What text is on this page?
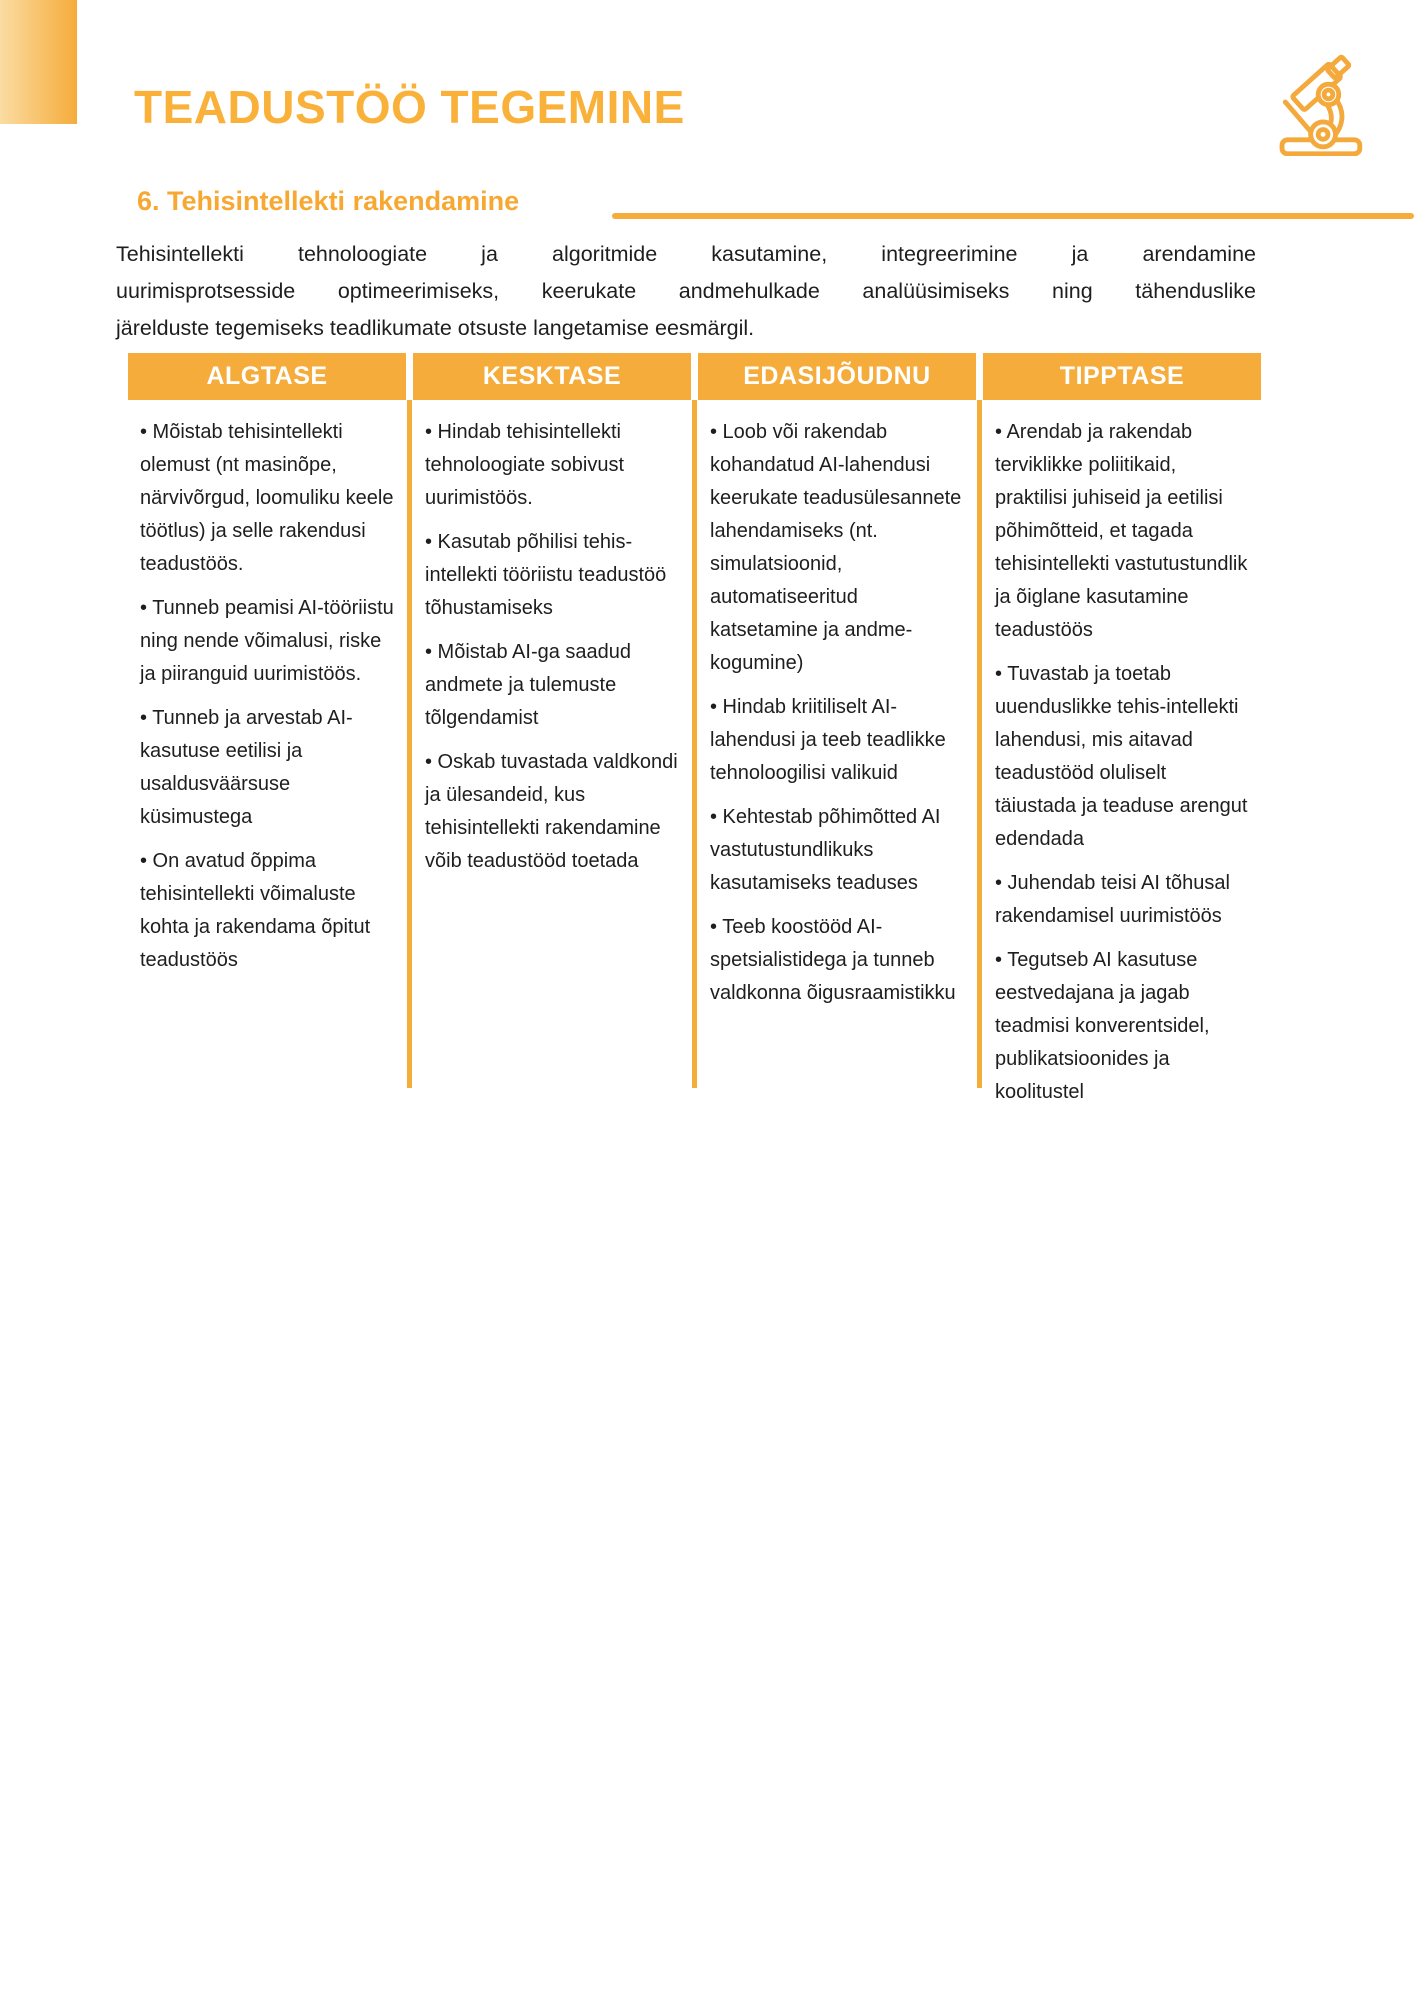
TEADUSTÖÖ TEGEMINE
6. Tehisintellekti rakendamine
Tehisintellekti tehnoloogiate ja algoritmide kasutamine, integreerimine ja arendamine
uurimisprotsesside optimeerimiseks, keerukate andmehulkade analüüsimiseks ning tähenduslike
järelduste tegemiseks teadlikumate otsuste langetamise eesmärgil.
ALGTASE

• Mõistab tehisintellekti olemust (nt masinõpe, närvivõrgud, loomuliku keele töötlus) ja selle rakendusi teadustöös.

• Tunneb peamisi AI-tööriistu ning nende võimalusi, riske ja piiranguid uurimistöös.

• Tunneb ja arvestab AI-kasutuse eetilisi ja usaldusväärsuse küsimustega

• On avatud õppima tehisintellekti võimaluste kohta ja rakendama õpitut teadustöös

KESKTASE

• Hindab tehisintellekti tehnoloogiate sobivust uurimistöös.

• Kasutab põhilisi tehis-intellekti tööriistu teadustöö tõhustamiseks

• Mõistab AI-ga saadud andmete ja tulemuste tõlgendamist

• Oskab tuvastada valdkondi ja ülesandeid, kus tehisintellekti rakendamine võib teadustööd toetada

EDASIJÕUDNU

• Loob või rakendab kohandatud AI-lahendusi keerukate teadusülesannete lahendamiseks (nt. simulatsioonid, automatiseeritud katsetamine ja andme-kogumine)

• Hindab kriitiliselt AI-lahendusi ja teeb teadlikke tehnoloogilisi valikuid

• Kehtestab põhimõtted AI vastutustundlikuks kasutamiseks teaduses

• Teeb koostööd AI-spetsialistidega ja tunneb valdkonna õigusraamistikku

TIPPTASE

• Arendab ja rakendab terviklikke poliitikaid, praktilisi juhiseid ja eetilisi põhimõtteid, et tagada tehisintellekti vastutustundlik ja õiglane kasutamine teadustöös

• Tuvastab ja toetab uuenduslikke tehis-intellekti lahendusi, mis aitavad teadustööd oluliselt täiustada ja teaduse arengut edendada

• Juhendab teisi AI tõhusal rakendamisel uurimistöös

• Tegutseb AI kasutuse eestvedajana ja jagab teadmisi konverentsidel, publikatsioonides ja koolitustel
